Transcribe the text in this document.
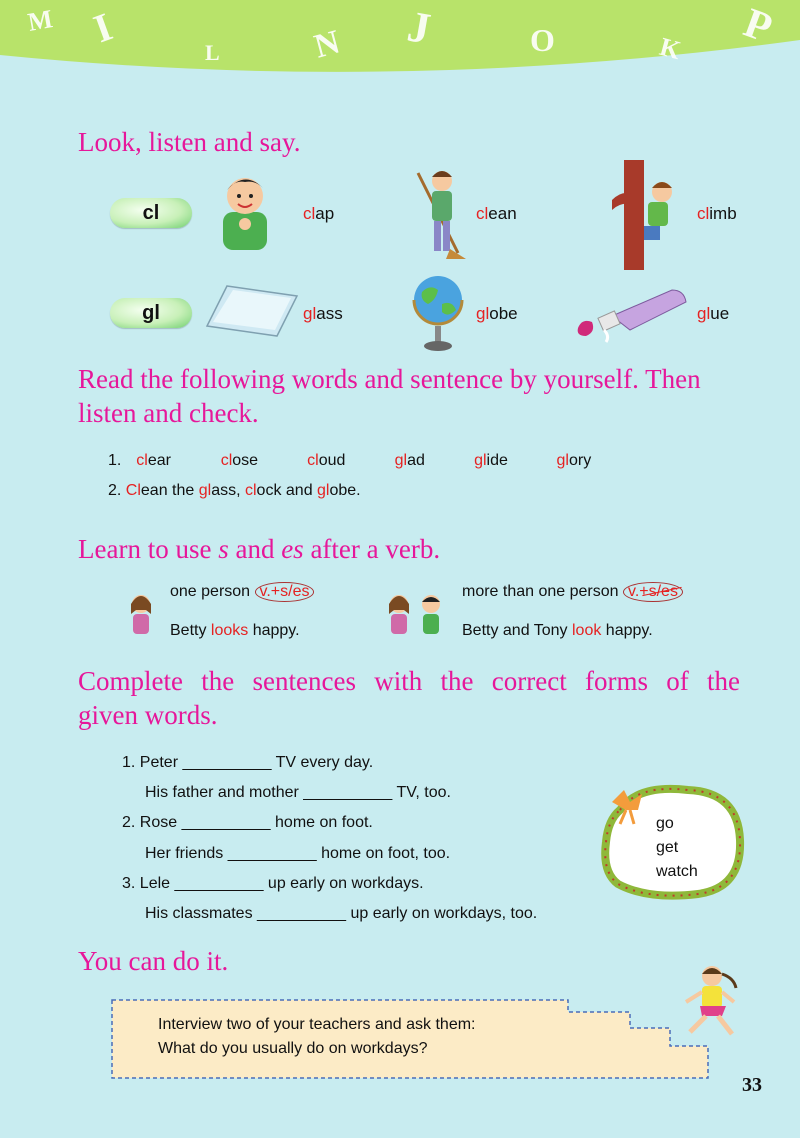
M I
L	N J	O	K P
Look, listen and say.
cl
gl
clap	clean	climb
glass	globe	glue
Read the following words and sentence by yourself. Then
listen and check.
1. clear	close	cloud	glad	glide	glory
2. Clean the glass, clock and globe.
Learn to use s and es after a verb.
one person v.+s/es
Betty looks happy.
more than one person v.+s/es
Betty and Tony look happy.
Complete the sentences with the correct forms of the
given words.
1. Peter __________ TV every day.
His father and mother __________ TV, too.
2. Rose __________ home on foot.
Her friends __________ home on foot, too.
3. Lele __________ up early on workdays.
His classmates __________ up early on workdays, too.
go
get
watch
You can do it.
Interview two of your teachers and ask them:
What do you usually do on workdays?
33
